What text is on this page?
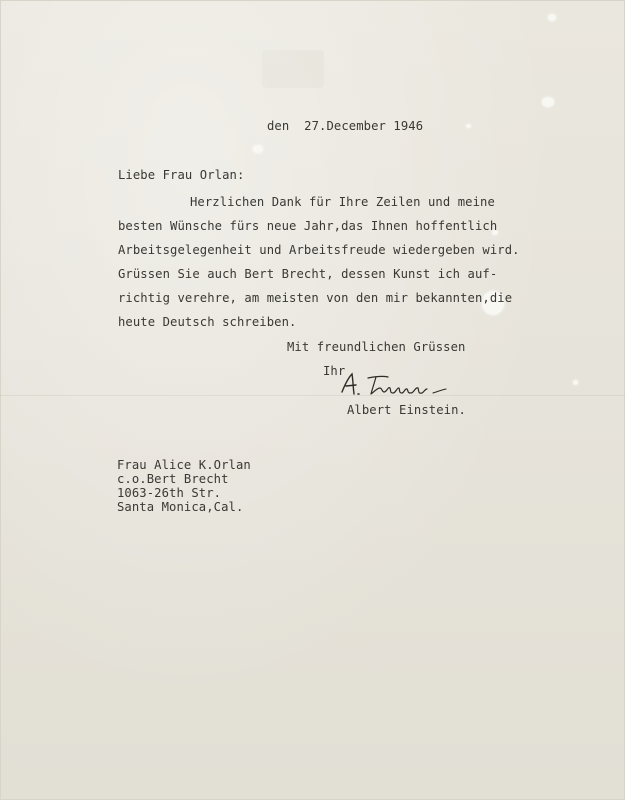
den  27.December 1946
Liebe Frau Orlan:
Herzlichen Dank für Ihre Zeilen und meine
besten Wünsche fürs neue Jahr,das Ihnen hoffentlich
Arbeitsgelegenheit und Arbeitsfreude wiedergeben wird.
Grüssen Sie auch Bert Brecht, dessen Kunst ich auf-
richtig verehre, am meisten von den mir bekannten,die
heute Deutsch schreiben.
Mit freundlichen Grüssen
Ihr
Albert Einstein.
Frau Alice K.Orlan
c.o.Bert Brecht
1063-26th Str.
Santa Monica,Cal.
